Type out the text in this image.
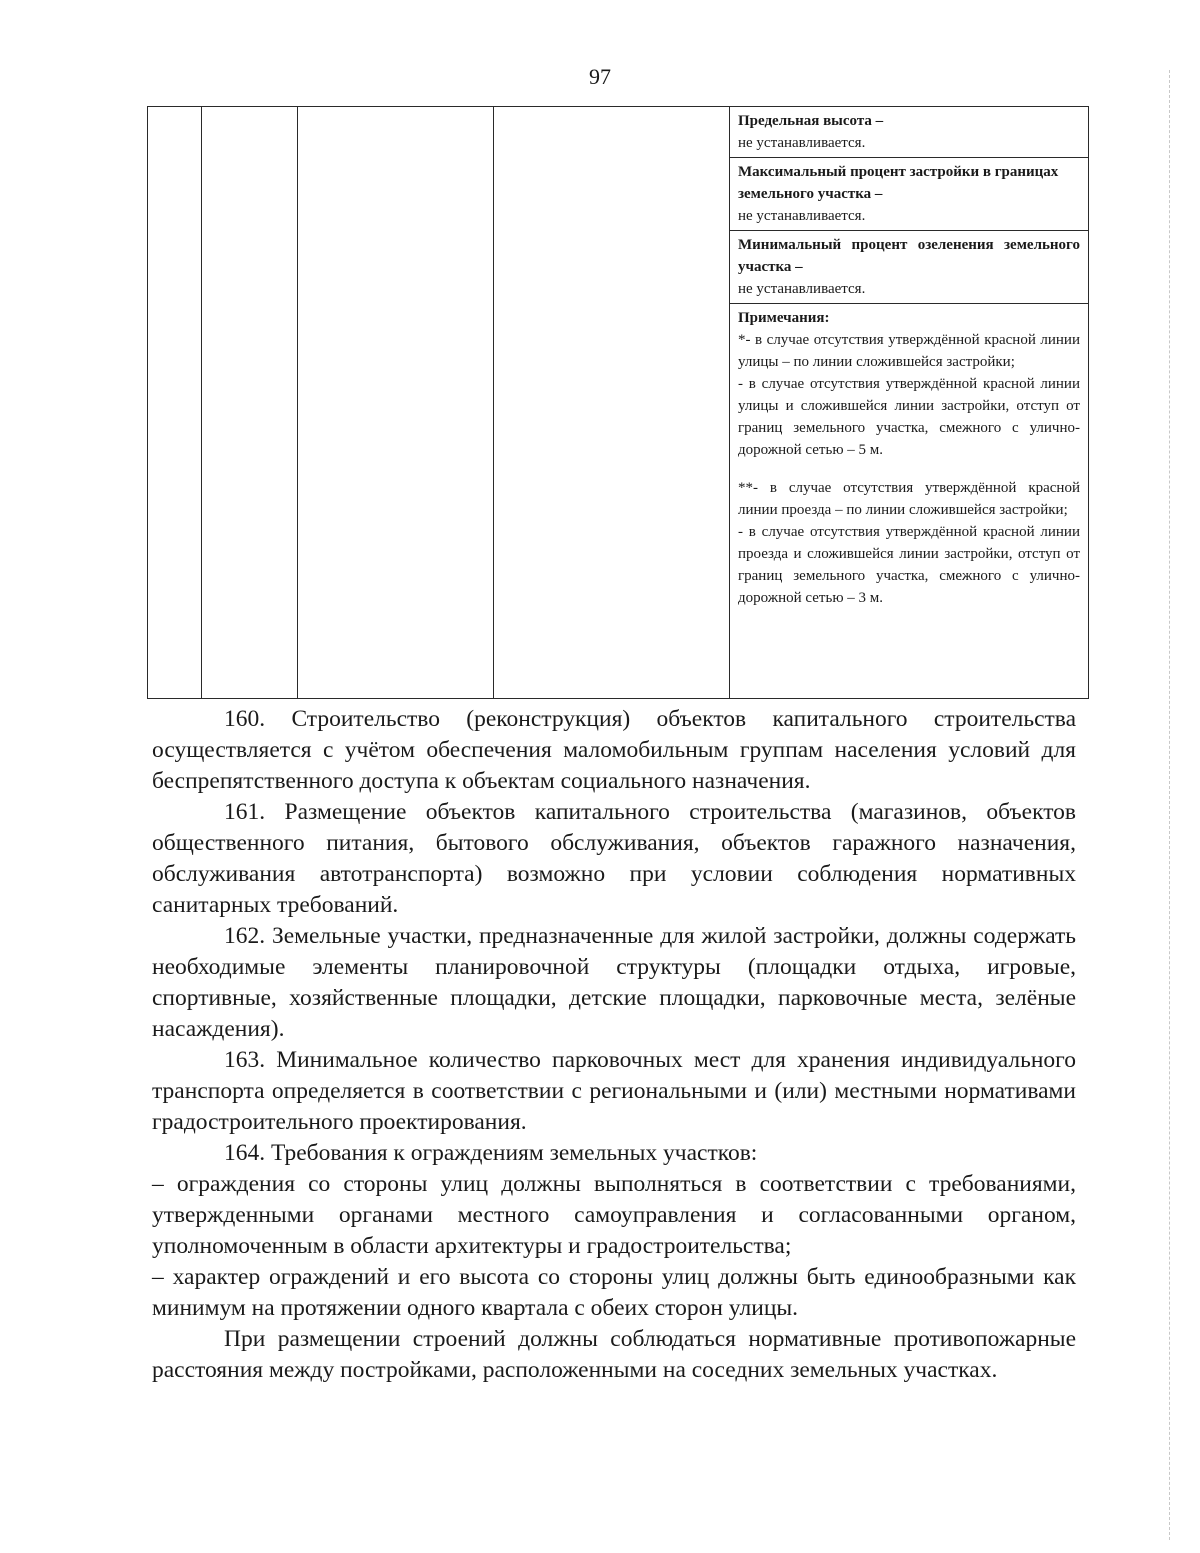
97

Предельная высота –
не устанавливается.
Максимальный процент застройки в границах земельного участка –
не устанавливается.
Минимальный процент озеленения земельного участка –
не устанавливается.
Примечания:
*- в случае отсутствия утверждённой красной линии улицы – по линии сложившейся застройки;
- в случае отсутствия утверждённой красной линии улицы и сложившейся линии застройки, отступ от границ земельного участка, смежного с улично-дорожной сетью – 5 м.
**- в случае отсутствия утверждённой красной линии проезда – по линии сложившейся застройки;
- в случае отсутствия утверждённой красной линии проезда и сложившейся линии застройки, отступ от границ земельного участка, смежного с улично-дорожной сетью – 3 м.

160. Строительство (реконструкция) объектов капитального строительства осуществляется с учётом обеспечения маломобильным группам населения условий для беспрепятственного доступа к объектам социального назначения.

161. Размещение объектов капитального строительства (магазинов, объектов общественного питания, бытового обслуживания, объектов гаражного назначения, обслуживания автотранспорта) возможно при условии соблюдения нормативных санитарных требований.

162. Земельные участки, предназначенные для жилой застройки, должны содержать необходимые элементы планировочной структуры (площадки отдыха, игровые, спортивные, хозяйственные площадки, детские площадки, парковочные места, зелёные насаждения).

163. Минимальное количество парковочных мест для хранения индивидуального транспорта определяется в соответствии с региональными и (или) местными нормативами градостроительного проектирования.

164. Требования к ограждениям земельных участков:

– ограждения со стороны улиц должны выполняться в соответствии с требованиями, утвержденными органами местного самоуправления и согласованными органом, уполномоченным в области архитектуры и градостроительства;

– характер ограждений и его высота со стороны улиц должны быть единообразными как минимум на протяжении одного квартала с обеих сторон улицы.

При размещении строений должны соблюдаться нормативные противопожарные расстояния между постройками, расположенными на соседних земельных участках.
